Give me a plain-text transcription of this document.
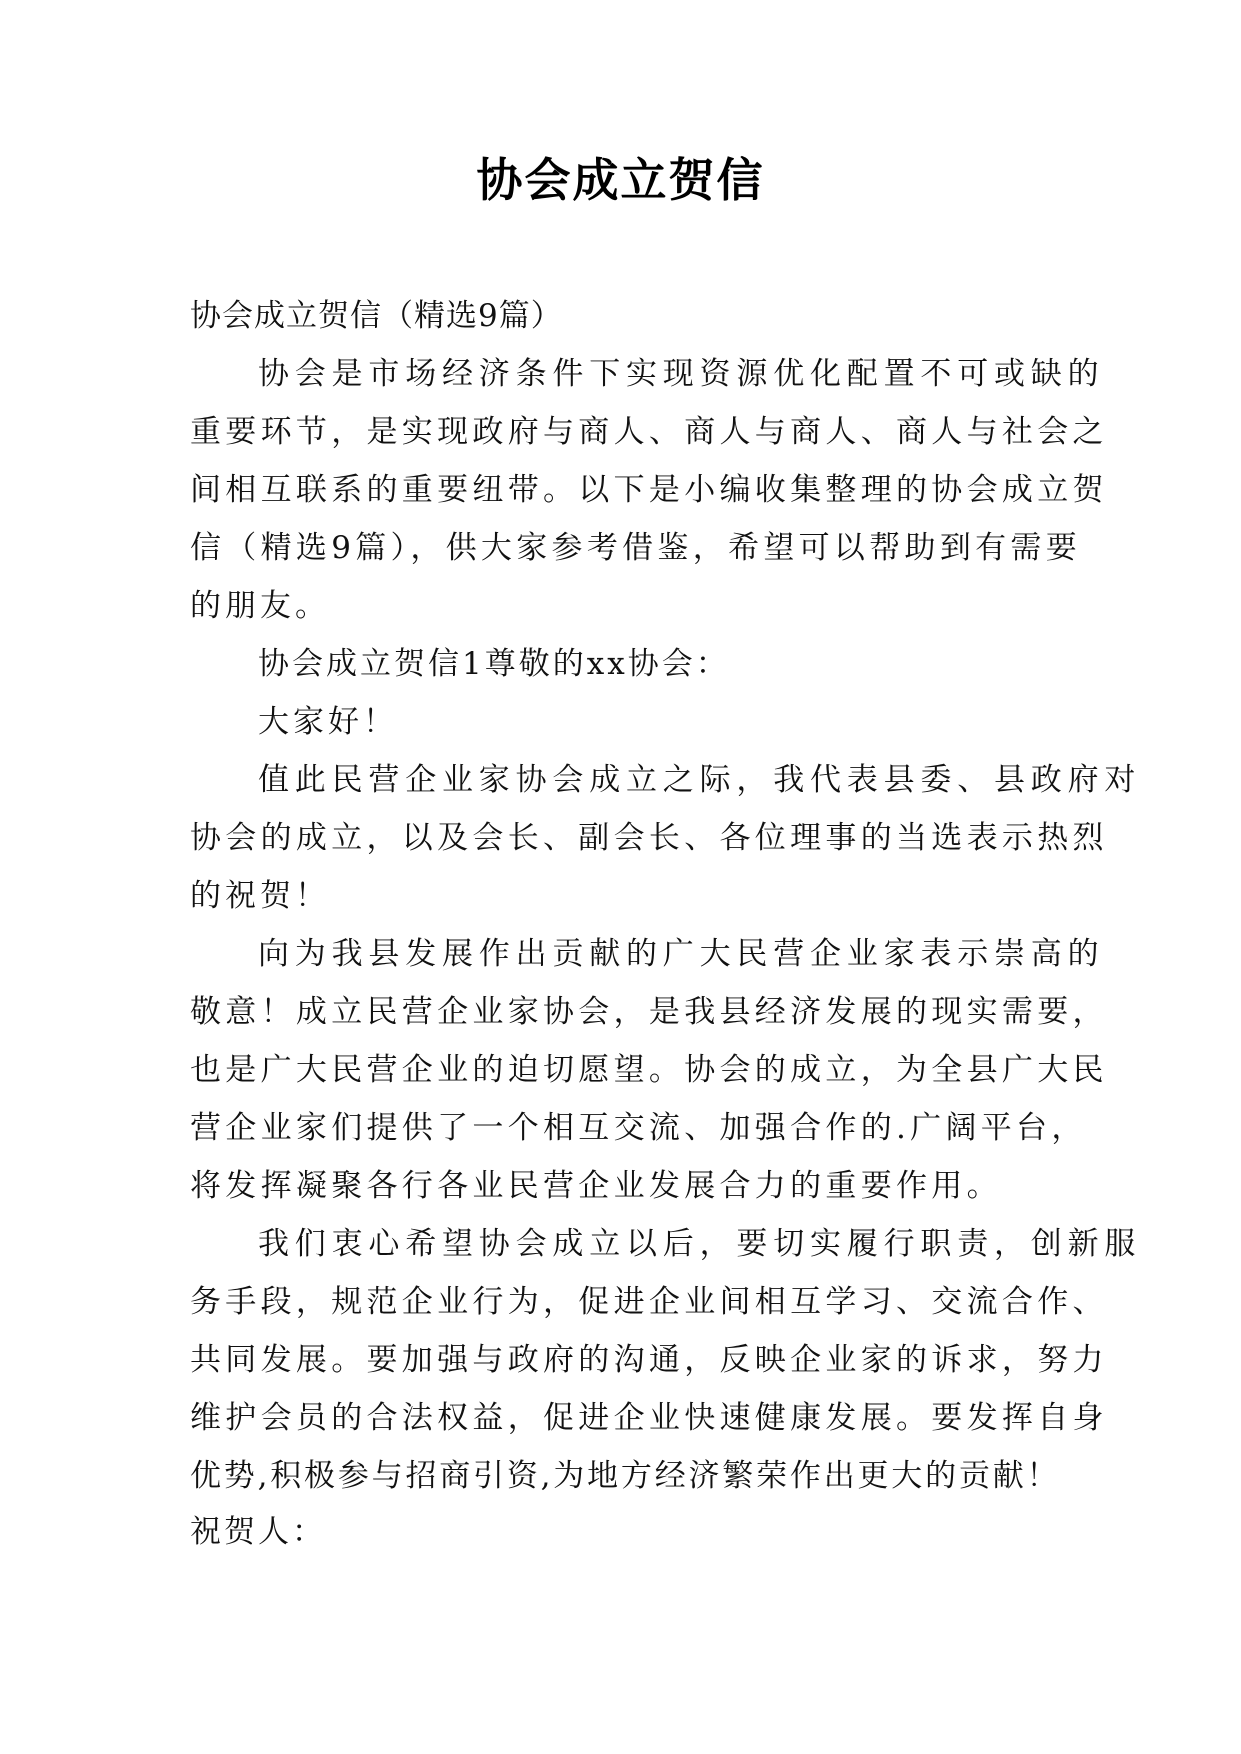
协会成立贺信
协会成立贺信（精选9篇）
协会是市场经济条件下实现资源优化配置不可或缺的
重要环节，是实现政府与商人、商人与商人、商人与社会之
间相互联系的重要纽带。以下是小编收集整理的协会成立贺
信（精选9篇），供大家参考借鉴，希望可以帮助到有需要
的朋友。
协会成立贺信1尊敬的xx协会：
大家好！
值此民营企业家协会成立之际，我代表县委、县政府对
协会的成立，以及会长、副会长、各位理事的当选表示热烈
的祝贺！
向为我县发展作出贡献的广大民营企业家表示崇高的
敬意！成立民营企业家协会，是我县经济发展的现实需要，
也是广大民营企业的迫切愿望。协会的成立，为全县广大民
营企业家们提供了一个相互交流、加强合作的.广阔平台，
将发挥凝聚各行各业民营企业发展合力的重要作用。
我们衷心希望协会成立以后，要切实履行职责，创新服
务手段，规范企业行为，促进企业间相互学习、交流合作、
共同发展。要加强与政府的沟通，反映企业家的诉求，努力
维护会员的合法权益，促进企业快速健康发展。要发挥自身
优势,积极参与招商引资,为地方经济繁荣作出更大的贡献！
祝贺人：
